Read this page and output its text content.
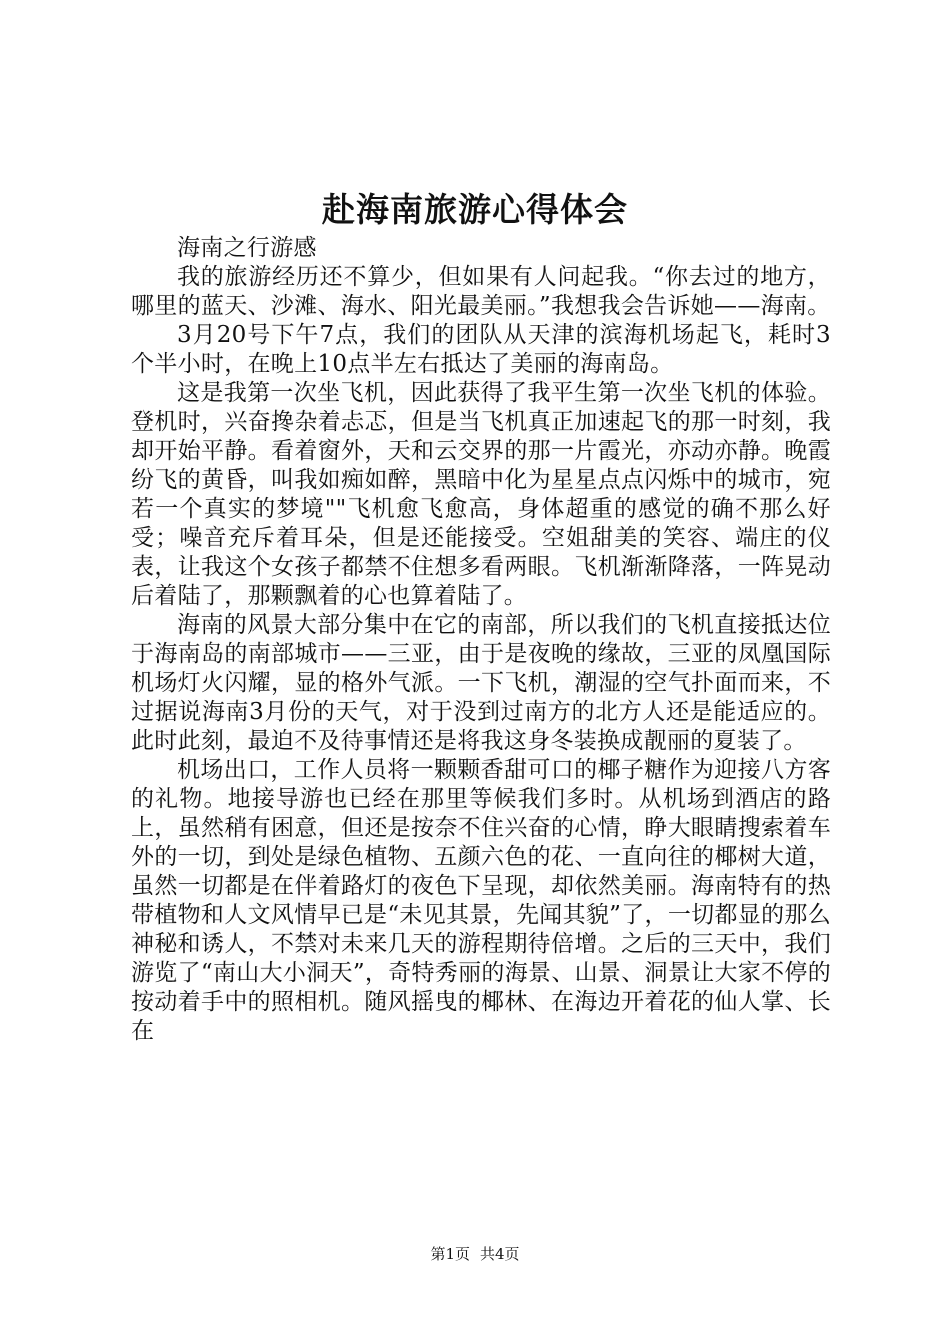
赴海南旅游心得体会

海南之行游感

我的旅游经历还不算少，但如果有人问起我。“你去过的地方，哪里的蓝天、沙滩、海水、阳光最美丽。”我想我会告诉她——海南。

3月20号下午7点，我们的团队从天津的滨海机场起飞，耗时3个半小时，在晚上10点半左右抵达了美丽的海南岛。

这是我第一次坐飞机，因此获得了我平生第一次坐飞机的体验。登机时，兴奋搀杂着忐忑，但是当飞机真正加速起飞的那一时刻，我却开始平静。看着窗外，天和云交界的那一片霞光，亦动亦静。晚霞纷飞的黄昏，叫我如痴如醉，黑暗中化为星星点点闪烁中的城市，宛若一个真实的梦境""飞机愈飞愈高，身体超重的感觉的确不那么好受；噪音充斥着耳朵，但是还能接受。空姐甜美的笑容、端庄的仪表，让我这个女孩子都禁不住想多看两眼。飞机渐渐降落，一阵晃动后着陆了，那颗飘着的心也算着陆了。

海南的风景大部分集中在它的南部，所以我们的飞机直接抵达位于海南岛的南部城市——三亚，由于是夜晚的缘故，三亚的凤凰国际机场灯火闪耀，显的格外气派。一下飞机，潮湿的空气扑面而来，不过据说海南3月份的天气，对于没到过南方的北方人还是能适应的。此时此刻，最迫不及待事情还是将我这身冬装换成靓丽的夏装了。

机场出口，工作人员将一颗颗香甜可口的椰子糖作为迎接八方客的礼物。地接导游也已经在那里等候我们多时。从机场到酒店的路上，虽然稍有困意，但还是按奈不住兴奋的心情，睁大眼睛搜索着车外的一切，到处是绿色植物、五颜六色的花、一直向往的椰树大道，虽然一切都是在伴着路灯的夜色下呈现，却依然美丽。海南特有的热带植物和人文风情早已是“未见其景，先闻其貌”了，一切都显的那么神秘和诱人，不禁对未来几天的游程期待倍增。之后的三天中，我们游览了“南山大小洞天”，奇特秀丽的海景、山景、洞景让大家不停的按动着手中的照相机。随风摇曳的椰林、在海边开着花的仙人掌、长在

第1页 共4页
